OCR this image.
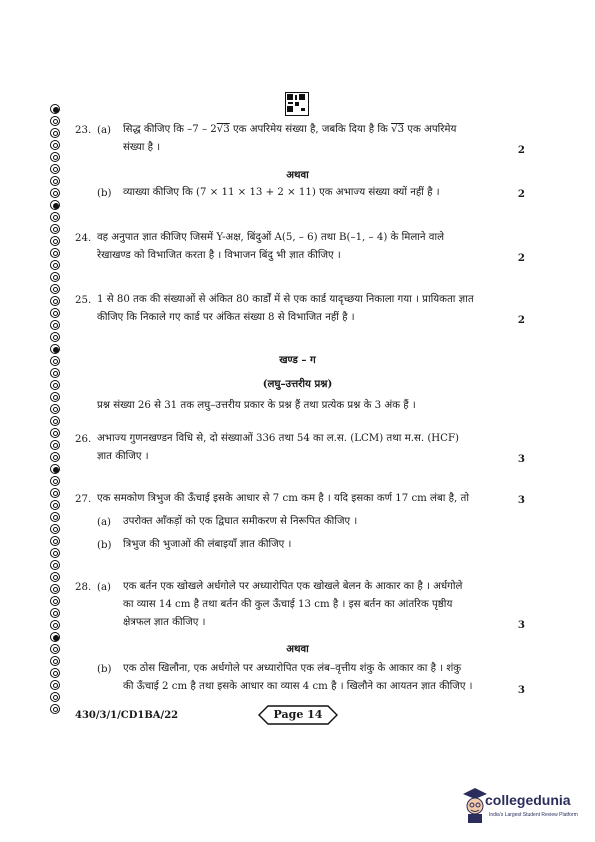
23. (a) सिद्ध कीजिए कि –7 – 2√3 एक अपरिमेय संख्या है, जबकि दिया है कि √3 एक अपरिमेय
संख्या है ।	2
अथवा
(b) व्याख्या कीजिए कि (7 × 11 × 13 + 2 × 11) एक अभाज्य संख्या क्यों नहीं है ।	2
24. वह अनुपात ज्ञात कीजिए जिसमें Y-अक्ष, बिंदुओं A(5, – 6) तथा B(–1, – 4) के मिलाने वाले
रेखाखण्ड को विभाजित करता है । विभाजन बिंदु भी ज्ञात कीजिए ।	2
25. 1 से 80 तक की संख्याओं से अंकित 80 कार्डों में से एक कार्ड यादृच्छया निकाला गया । प्रायिकता ज्ञात
कीजिए कि निकाले गए कार्ड पर अंकित संख्या 8 से विभाजित नहीं है ।	2
खण्ड – ग
(लघु–उत्तरीय प्रश्न)
प्रश्न संख्या 26 से 31 तक लघु–उत्तरीय प्रकार के प्रश्न हैं तथा प्रत्येक प्रश्न के 3 अंक हैं ।
26. अभाज्य गुणनखण्डन विधि से, दो संख्याओं 336 तथा 54 का ल.स. (LCM) तथा म.स. (HCF)
ज्ञात कीजिए ।	3
27. एक समकोण त्रिभुज की ऊँचाई इसके आधार से 7 cm कम है । यदि इसका कर्ण 17 cm लंबा है, तो	3
(a) उपरोक्त आँकड़ों को एक द्विघात समीकरण से निरूपित कीजिए ।
(b) त्रिभुज की भुजाओं की लंबाइयाँ ज्ञात कीजिए ।
28. (a) एक बर्तन एक खोखले अर्धगोले पर अध्यारोपित एक खोखले बेलन के आकार का है । अर्धगोले
का व्यास 14 cm है तथा बर्तन की कुल ऊँचाई 13 cm है । इस बर्तन का आंतरिक पृष्ठीय
क्षेत्रफल ज्ञात कीजिए ।	3
अथवा
(b) एक ठोस खिलौना, एक अर्धगोले पर अध्यारोपित एक लंब–वृत्तीय शंकु के आकार का है । शंकु
की ऊँचाई 2 cm है तथा इसके आधार का व्यास 4 cm है । खिलौने का आयतन ज्ञात कीजिए ।	3
430/3/1/CD1BA/22	Page 14
collegedunia
India's Largest Student Review Platform
